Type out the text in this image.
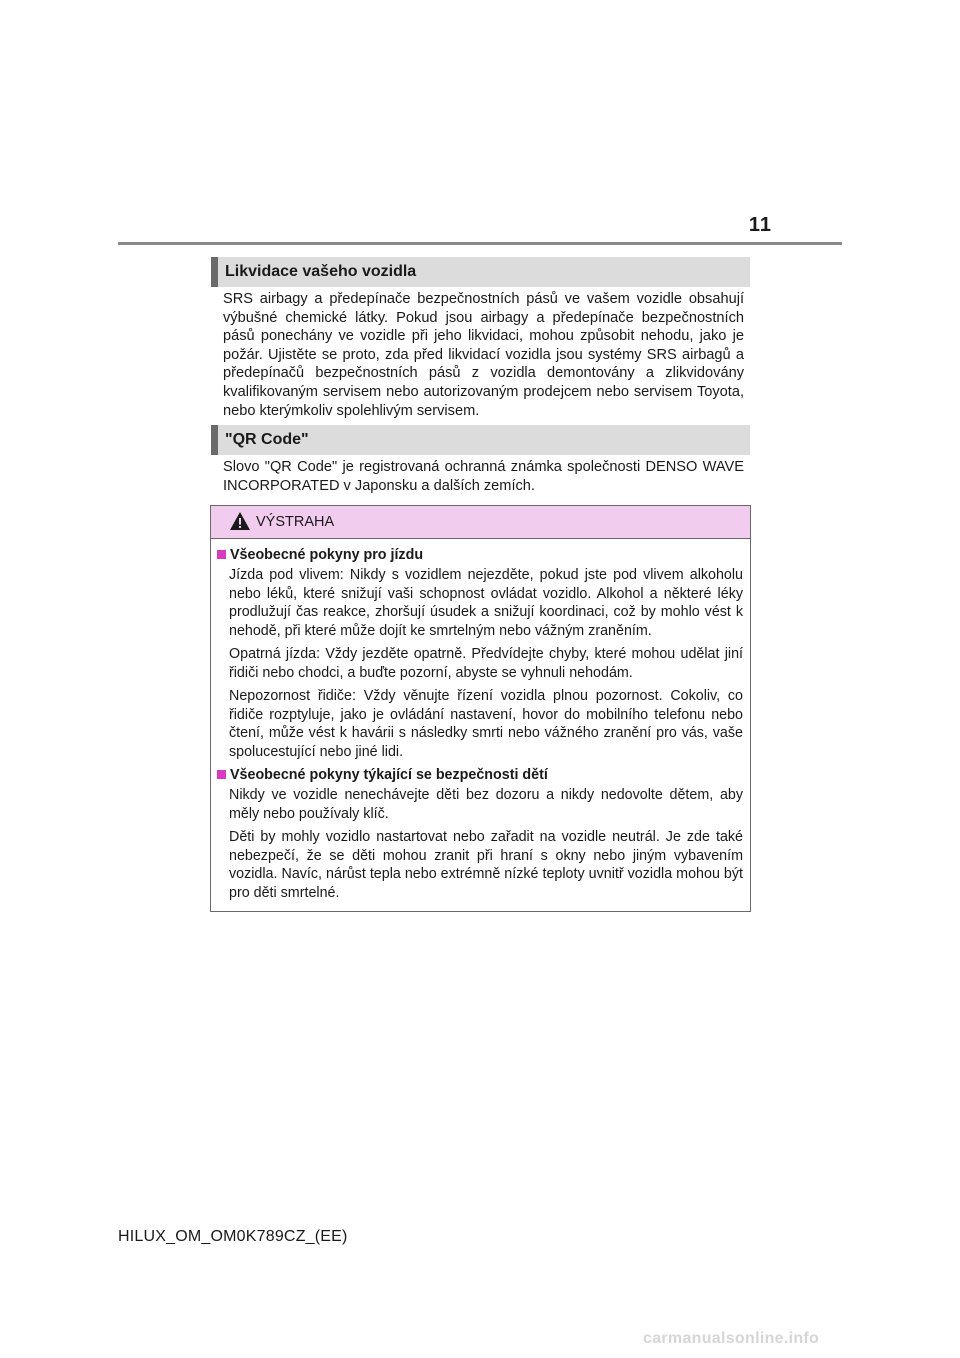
11
Likvidace vašeho vozidla

SRS airbagy a předepínače bezpečnostních pásů ve vašem vozidle obsahují výbušné chemické látky. Pokud jsou airbagy a předepínače bezpečnostních pásů ponechány ve vozidle při jeho likvidaci, mohou způsobit nehodu, jako je požár. Ujistěte se proto, zda před likvidací vozidla jsou systémy SRS airbagů a předepínačů bezpečnostních pásů z vozidla demontovány a zlikvidovány kvalifikovaným servisem nebo autorizovaným prodejcem nebo servisem Toyota, nebo kterýmkoliv spolehlivým servisem.

"QR Code"

Slovo "QR Code" je registrovaná ochranná známka společnosti DENSO WAVE INCORPORATED v Japonsku a dalších zemích.

VÝSTRAHA
Všeobecné pokyny pro jízdu

Jízda pod vlivem: Nikdy s vozidlem nejezděte, pokud jste pod vlivem alkoholu nebo léků, které snižují vaši schopnost ovládat vozidlo. Alkohol a některé léky prodlužují čas reakce, zhoršují úsudek a snižují koordinaci, což by mohlo vést k nehodě, při které může dojít ke smrtelným nebo vážným zraněním.

Opatrná jízda: Vždy jezděte opatrně. Předvídejte chyby, které mohou udělat jiní řidiči nebo chodci, a buďte pozorní, abyste se vyhnuli nehodám.

Nepozornost řidiče: Vždy věnujte řízení vozidla plnou pozornost. Cokoliv, co řidiče rozptyluje, jako je ovládání nastavení, hovor do mobilního telefonu nebo čtení, může vést k havárii s následky smrti nebo vážného zranění pro vás, vaše spolucestující nebo jiné lidi.

Všeobecné pokyny týkající se bezpečnosti dětí

Nikdy ve vozidle nenechávejte děti bez dozoru a nikdy nedovolte dětem, aby měly nebo používaly klíč.

Děti by mohly vozidlo nastartovat nebo zařadit na vozidle neutrál. Je zde také nebezpečí, že se děti mohou zranit při hraní s okny nebo jiným vybavením vozidla. Navíc, nárůst tepla nebo extrémně nízké teploty uvnitř vozidla mohou být pro děti smrtelné.

HILUX_OM_OM0K789CZ_(EE)
carmanualsonline.info
